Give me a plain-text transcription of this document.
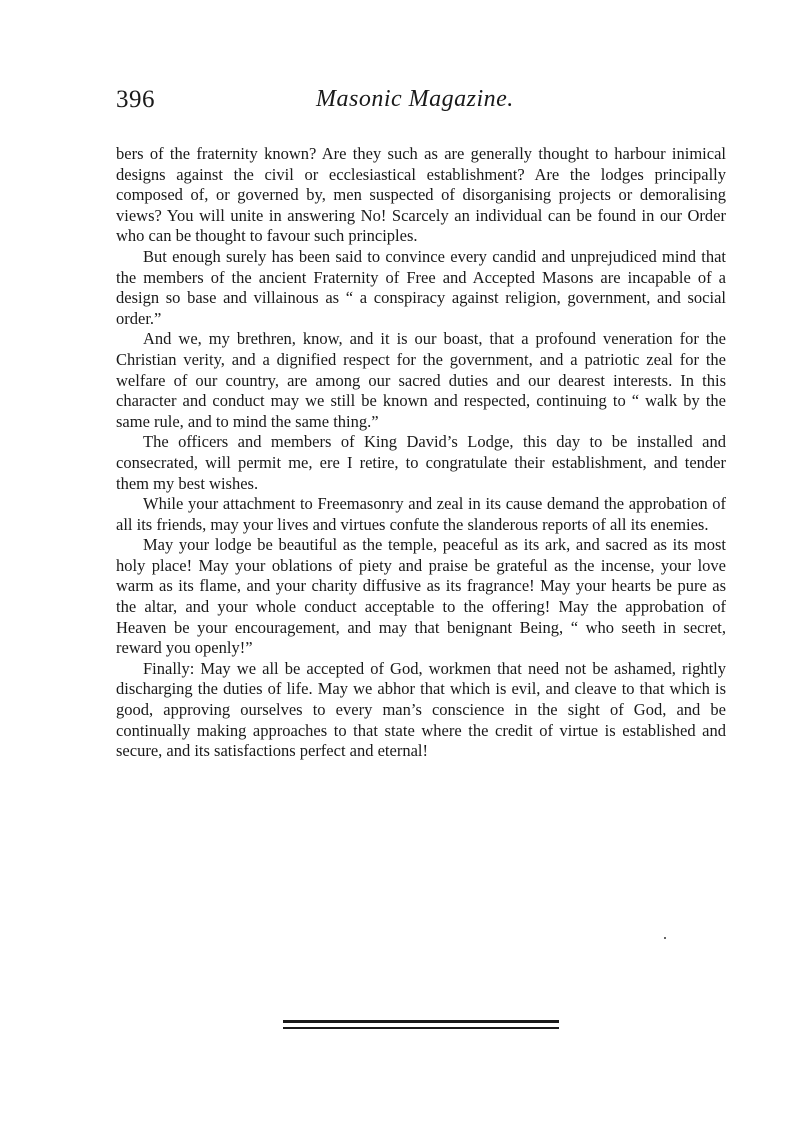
396	Masonic Magazine.

bers of the fraternity known? Are they such as are generally thought to harbour inimical designs against the civil or ecclesiastical establishment? Are the lodges principally composed of, or governed by, men suspected of disorganising projects or demoralising views? You will unite in answering No! Scarcely an individual can be found in our Order who can be thought to favour such principles.

But enough surely has been said to convince every candid and unprejudiced mind that the members of the ancient Fraternity of Free and Accepted Masons are incapable of a design so base and villainous as “ a conspiracy against religion, government, and social order.”

And we, my brethren, know, and it is our boast, that a profound veneration for the Christian verity, and a dignified respect for the government, and a patriotic zeal for the welfare of our country, are among our sacred duties and our dearest interests. In this character and conduct may we still be known and respected, continuing to “ walk by the same rule, and to mind the same thing.”

The officers and members of King David’s Lodge, this day to be installed and consecrated, will permit me, ere I retire, to congratulate their establishment, and tender them my best wishes.

While your attachment to Freemasonry and zeal in its cause demand the approbation of all its friends, may your lives and virtues confute the slanderous reports of all its enemies.

May your lodge be beautiful as the temple, peaceful as its ark, and sacred as its most holy place! May your oblations of piety and praise be grateful as the incense, your love warm as its flame, and your charity diffusive as its fragrance! May your hearts be pure as the altar, and your whole conduct acceptable to the offering! May the approbation of Heaven be your encouragement, and may that benignant Being, “ who seeth in secret, reward you openly!”

Finally: May we all be accepted of God, workmen that need not be ashamed, rightly discharging the duties of life. May we abhor that which is evil, and cleave to that which is good, approving ourselves to every man’s conscience in the sight of God, and be continually making approaches to that state where the credit of virtue is established and secure, and its satisfactions perfect and eternal!
